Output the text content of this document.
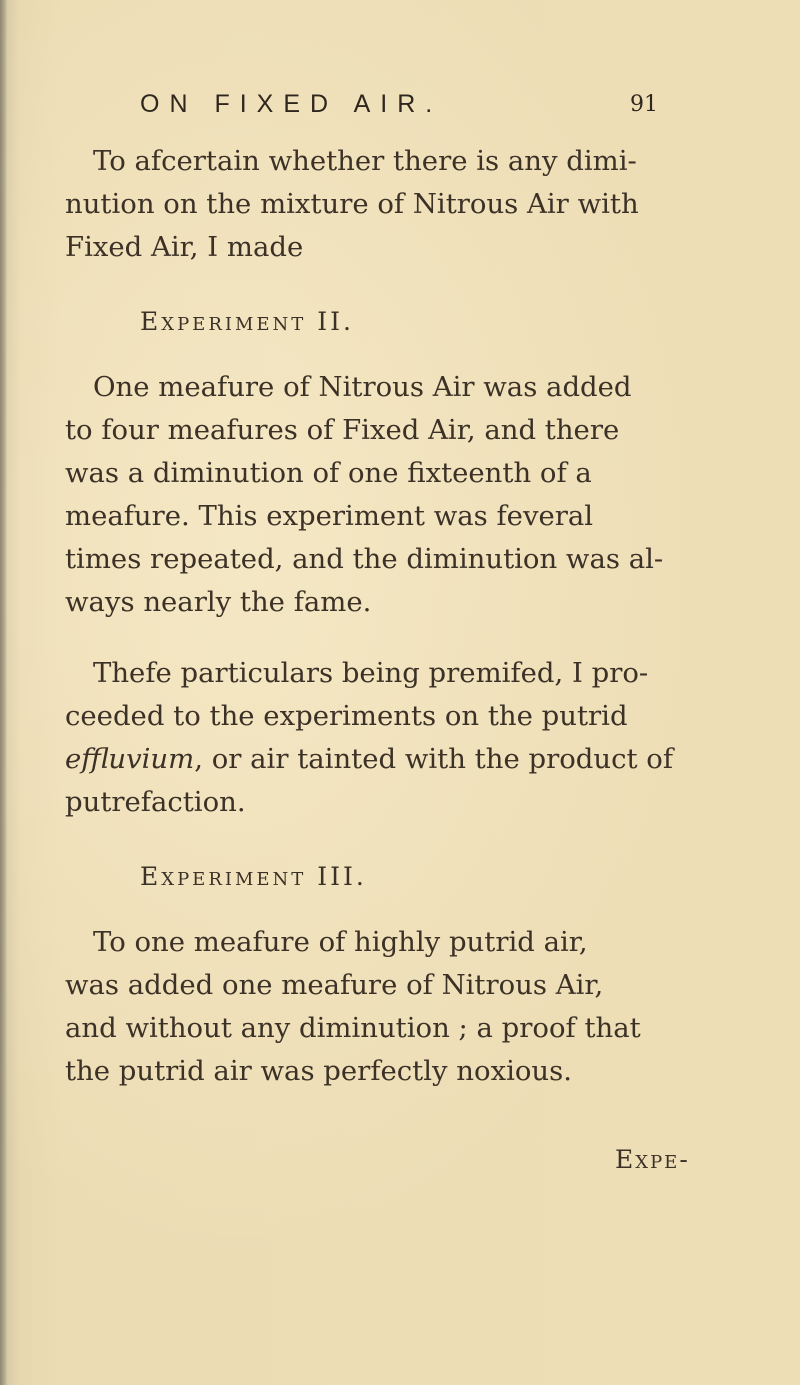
ON FIXED AIR.	91
To afcertain whether there is any dimi-
nution on the mixture of Nitrous Air with
Fixed Air, I made
Experiment II.
One meafure of Nitrous Air was added
to four meafures of Fixed Air, and there
was a diminution of one fixteenth of a
meafure. This experiment was feveral
times repeated, and the diminution was al-
ways nearly the fame.
Thefe particulars being premifed, I pro-
ceeded to the experiments on the putrid
effluvium, or air tainted with the product of
putrefaction.
Experiment III.
To one meafure of highly putrid air,
was added one meafure of Nitrous Air,
and without any diminution ; a proof that
the putrid air was perfectly noxious.
Expe-
